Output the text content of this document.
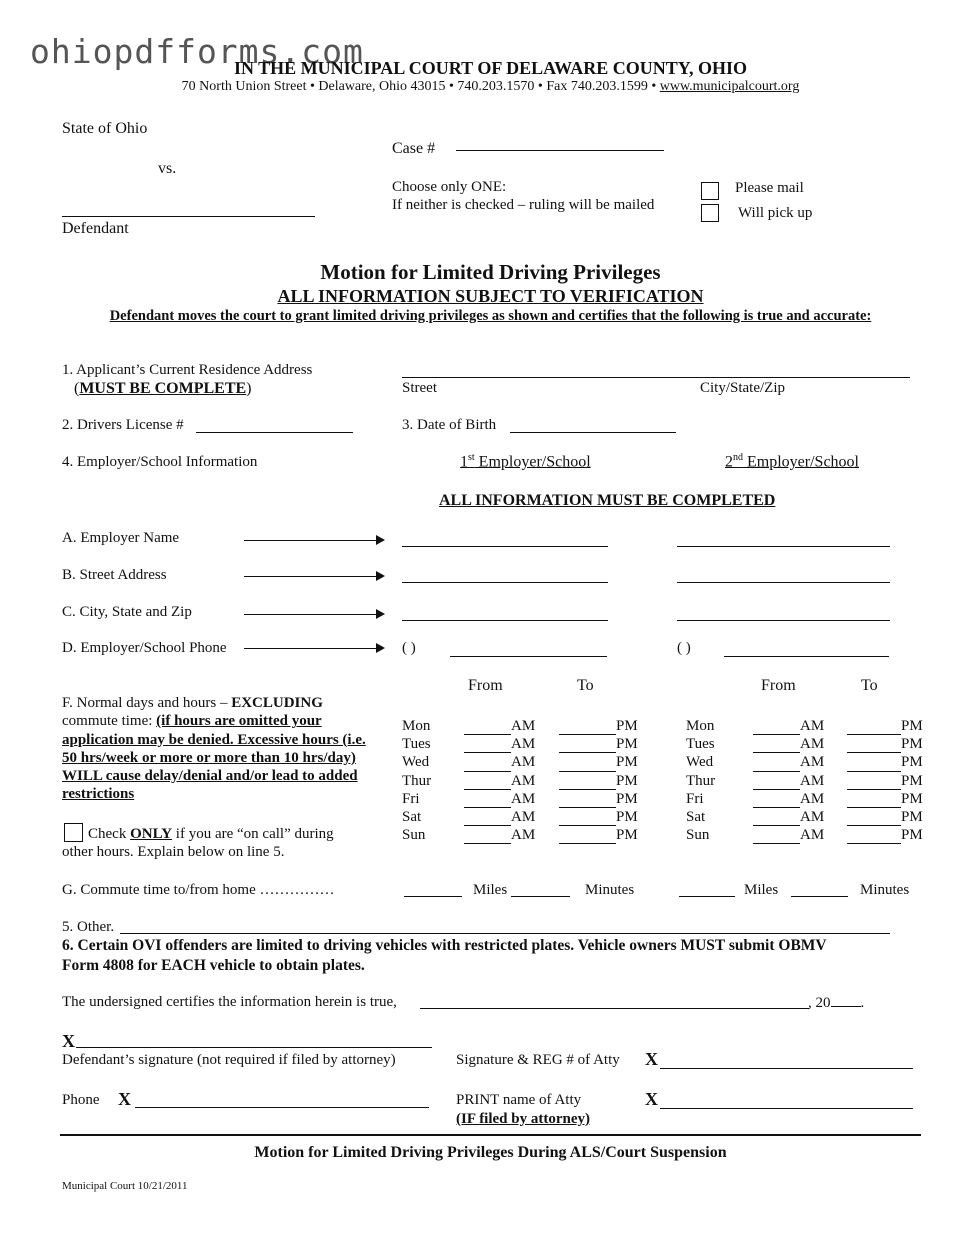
ohiopdfforms.com
IN THE MUNICIPAL COURT OF DELAWARE COUNTY, OHIO
70 North Union Street • Delaware, Ohio 43015 • 740.203.1570 • Fax 740.203.1599 • www.municipalcourt.org
State of Ohio
vs.
Defendant
Case #
Choose only ONE:
If neither is checked – ruling will be mailed
Please mail
Will pick up
Motion for Limited Driving Privileges
ALL INFORMATION SUBJECT TO VERIFICATION
Defendant moves the court to grant limited driving privileges as shown and certifies that the following is true and accurate:
1. Applicant’s Current Residence Address
(MUST BE COMPLETE)	Street	City/State/Zip
2. Drivers License #	3. Date of Birth
4. Employer/School Information	1st Employer/School	2nd Employer/School
ALL INFORMATION MUST BE COMPLETED
A. Employer Name
B. Street Address
C. City, State and Zip
D. Employer/School Phone	( )	( )
From	To	From	To
F. Normal days and hours – EXCLUDING
commute time: (if hours are omitted your
application may be denied. Excessive hours (i.e.
50 hrs/week or more or more than 10 hrs/day)
WILL cause delay/denial and/or lead to added
restrictions
Check ONLY if you are “on call” during
other hours. Explain below on line 5.
Mon	AM	PM
Tues	AM	PM
Wed	AM	PM
Thur	AM	PM
Fri	AM	PM
Sat	AM	PM
Sun	AM	PM
Mon	AM	PM
Tues	AM	PM
Wed	AM	PM
Thur	AM	PM
Fri	AM	PM
Sat	AM	PM
Sun	AM	PM
G. Commute time to/from home ……………	Miles	Minutes	Miles	Minutes
5. Other.
6. Certain OVI offenders are limited to driving vehicles with restricted plates. Vehicle owners MUST submit OBMV
Form 4808 for EACH vehicle to obtain plates.
The undersigned certifies the information herein is true,	, 20 .
X
Defendant’s signature (not required if filed by attorney)	Signature & REG # of Atty X
Phone X	PRINT name of Atty
(IF filed by attorney)
X
Motion for Limited Driving Privileges During ALS/Court Suspension
Municipal Court 10/21/2011
